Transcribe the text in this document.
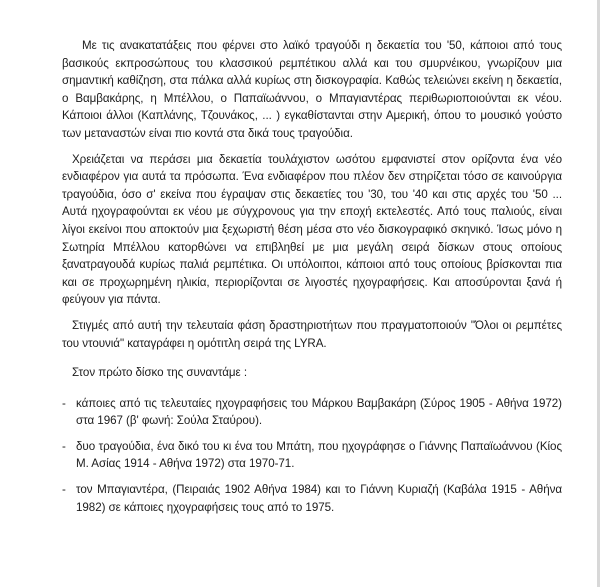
Με τις ανακατατάξεις που φέρνει στο λαϊκό τραγούδι η δεκαετία του '50, κάποιοι από τους βασικούς εκπροσώπους του κλασσικού ρεμπέτικου αλλά και του σμυρνέικου, γνωρίζουν μια σημαντική καθίζηση, στα πάλκα αλλά κυρίως στη δισκογραφία. Καθώς τελειώνει εκείνη η δεκαετία, ο Βαμβακάρης, η Μπέλλου, ο Παπαϊωάννου, ο Μπαγιαντέρας περιθωριοποιούνται εκ νέου. Κάποιοι άλλοι (Καπλάνης, Τζουνάκος, ... ) εγκαθίστανται στην Αμερική, όπου το μουσικό γούστο των μεταναστών είναι πιο κοντά στα δικά τους τραγούδια.

Χρειάζεται να περάσει μια δεκαετία τουλάχιστον ωσότου εμφανιστεί στον ορίζοντα ένα νέο ενδιαφέρον για αυτά τα πρόσωπα. Ένα ενδιαφέρον που πλέον δεν στηρίζεται τόσο σε καινούργια τραγούδια, όσο σ' εκείνα που έγραψαν στις δεκαετίες του '30, του '40 και στις αρχές του '50 ... Αυτά ηχογραφούνται εκ νέου με σύγχρονους για την εποχή εκτελεστές. Από τους παλιούς, είναι λίγοι εκείνοι που αποκτούν μια ξεχωριστή θέση μέσα στο νέο δισκογραφικό σκηνικό. Ίσως μόνο η Σωτηρία Μπέλλου κατορθώνει να επιβληθεί με μια μεγάλη σειρά δίσκων στους οποίους ξανατραγουδά κυρίως παλιά ρεμπέτικα. Οι υπόλοιποι, κάποιοι από τους οποίους βρίσκονται πια και σε προχωρημένη ηλικία, περιορίζονται σε λιγοστές ηχογραφήσεις. Και αποσύρονται ξανά ή φεύγουν για πάντα.

Στιγμές από αυτή την τελευταία φάση δραστηριοτήτων που πραγματοποιούν "Όλοι οι ρεμπέτες του ντουνιά" καταγράφει η ομότιτλη σειρά της LYRA.

Στον πρώτο δίσκο της συναντάμε :

- κάποιες από τις τελευταίες ηχογραφήσεις του Μάρκου Βαμβακάρη (Σύρος 1905 - Αθήνα 1972) στα 1967 (β' φωνή: Σούλα Σταύρου).
- δυο τραγούδια, ένα δικό του κι ένα του Μπάτη, που ηχογράφησε ο Γιάννης Παπαϊωάννου (Κίος Μ. Ασίας 1914 - Αθήνα 1972) στα 1970-71.
- τον Μπαγιαντέρα, (Πειραιάς 1902 Αθήνα 1984) και το Γιάννη Κυριαζή (Καβάλα 1915 - Αθήνα 1982) σε κάποιες ηχογραφήσεις τους από το 1975.
